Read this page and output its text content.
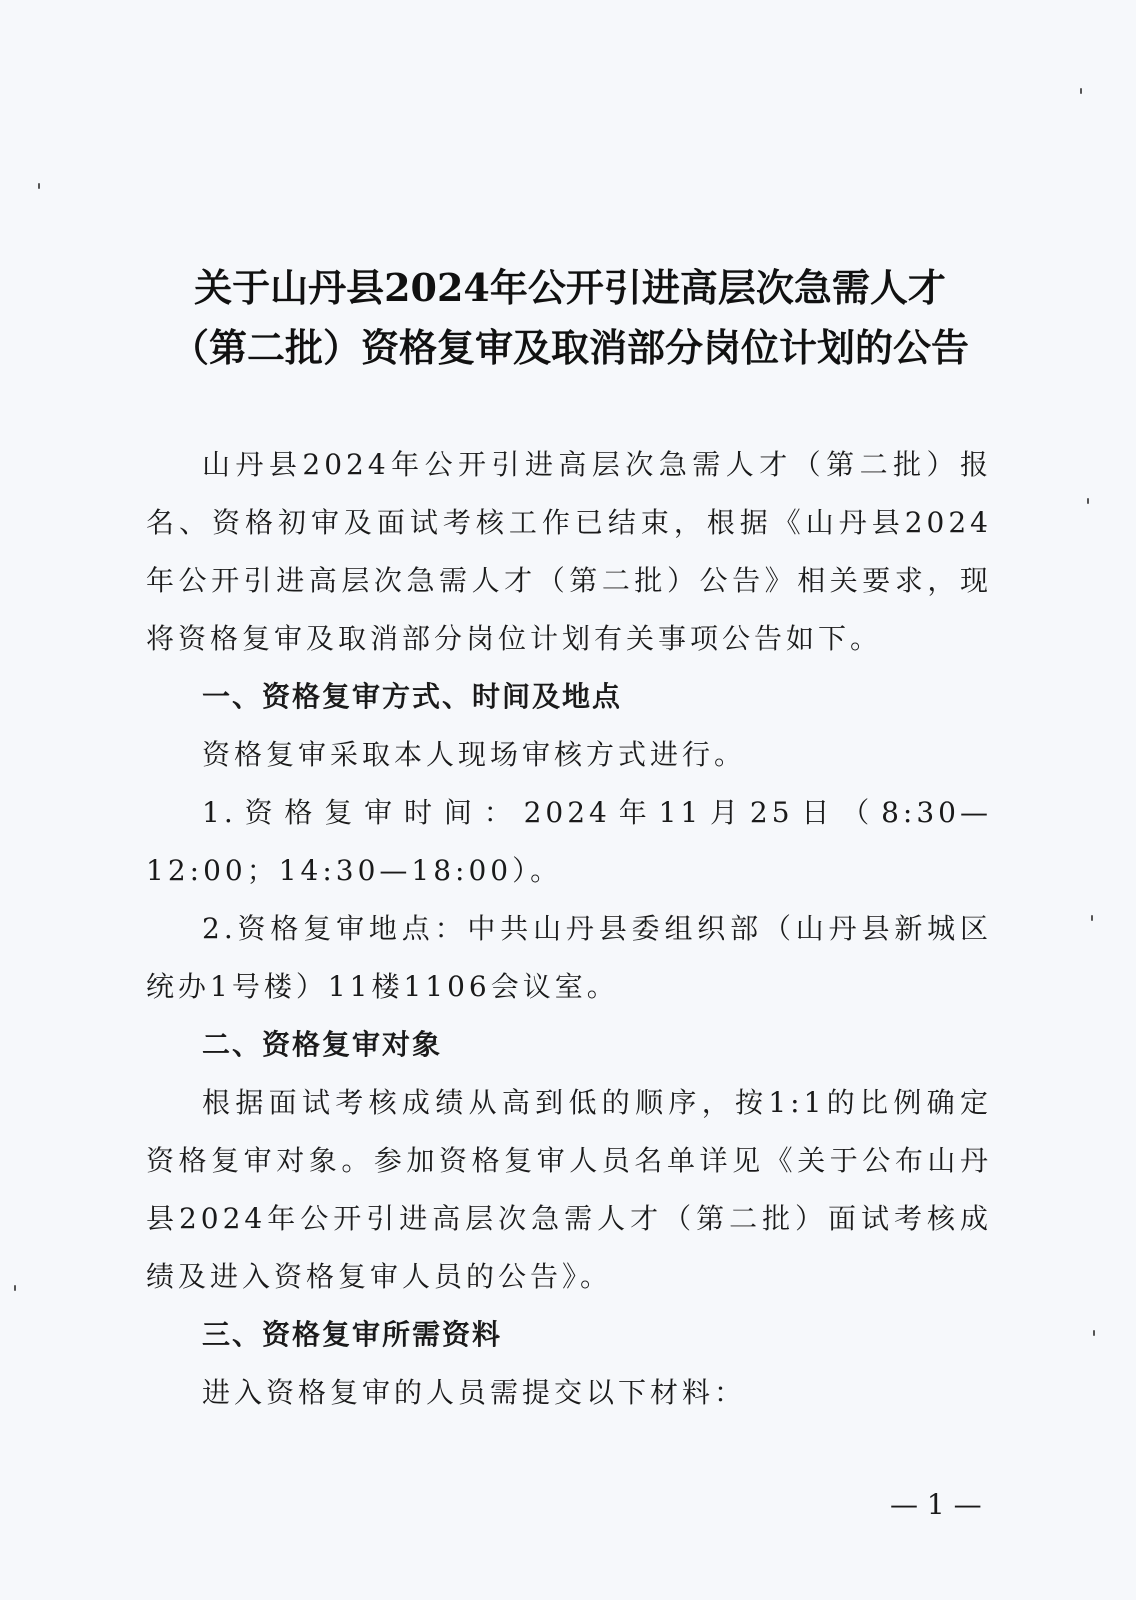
关于山丹县2024年公开引进高层次急需人才
（第二批）资格复审及取消部分岗位计划的公告

山丹县2024年公开引进高层次急需人才（第二批）报名、资格初审及面试考核工作已结束，根据《山丹县2024年公开引进高层次急需人才（第二批）公告》相关要求，现将资格复审及取消部分岗位计划有关事项公告如下。

一、资格复审方式、时间及地点

资格复审采取本人现场审核方式进行。

1.资格复审时间：2024年11月25日（8:30—12:00；14:30—18:00）。

2.资格复审地点：中共山丹县委组织部（山丹县新城区统办1号楼）11楼1106会议室。

二、资格复审对象

根据面试考核成绩从高到低的顺序，按1:1的比例确定资格复审对象。参加资格复审人员名单详见《关于公布山丹县2024年公开引进高层次急需人才（第二批）面试考核成绩及进入资格复审人员的公告》。

三、资格复审所需资料

进入资格复审的人员需提交以下材料：

— 1 —
